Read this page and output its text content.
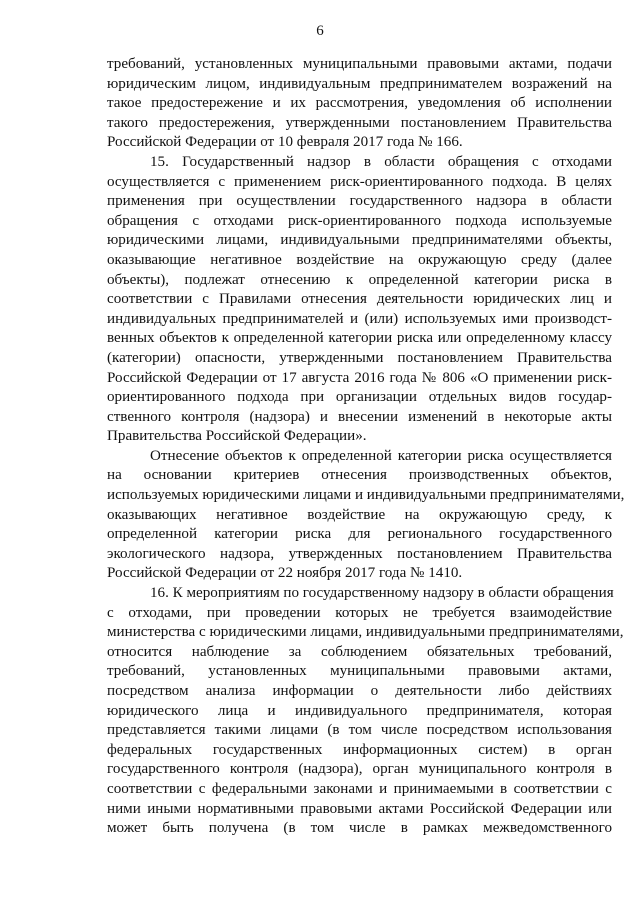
6
требований, установленных муниципальными правовыми актами, подачи
юридическим лицом, индивидуальным предпринимателем возражений на
такое предостережение и их рассмотрения, уведомления об исполнении
такого предостережения, утвержденными постановлением Правительства
Российской Федерации от 10 февраля 2017 года № 166.
15. Государственный надзор в области обращения с отходами
осуществляется с применением риск-ориентированного подхода. В целях
применения при осуществлении государственного надзора в области
обращения с отходами риск-ориентированного подхода используемые
юридическими лицами, индивидуальными предпринимателями объекты,
оказывающие негативное воздействие на окружающую среду (далее
объекты), подлежат отнесению к определенной категории риска в
соответствии с Правилами отнесения деятельности юридических лиц и
индивидуальных предпринимателей и (или) используемых ими производст-
венных объектов к определенной категории риска или определенному классу
(категории) опасности, утвержденными постановлением Правительства
Российской Федерации от 17 августа 2016 года № 806 «О применении риск-
ориентированного подхода при организации отдельных видов государ-
ственного контроля (надзора) и внесении изменений в некоторые акты
Правительства Российской Федерации».
Отнесение объектов к определенной категории риска осуществляется
на основании критериев отнесения производственных объектов,
используемых юридическими лицами и индивидуальными предпринимателями,
оказывающих негативное воздействие на окружающую среду, к
определенной категории риска для регионального государственного
экологического надзора, утвержденных постановлением Правительства
Российской Федерации от 22 ноября 2017 года № 1410.
16. К мероприятиям по государственному надзору в области обращения
с отходами, при проведении которых не требуется взаимодействие
министерства с юридическими лицами, индивидуальными предпринимателями,
относится наблюдение за соблюдением обязательных требований,
требований, установленных муниципальными правовыми актами,
посредством анализа информации о деятельности либо действиях
юридического лица и индивидуального предпринимателя, которая
представляется такими лицами (в том числе посредством использования
федеральных государственных информационных систем) в орган
государственного контроля (надзора), орган муниципального контроля в
соответствии с федеральными законами и принимаемыми в соответствии с
ними иными нормативными правовыми актами Российской Федерации или
может быть получена (в том числе в рамках межведомственного
